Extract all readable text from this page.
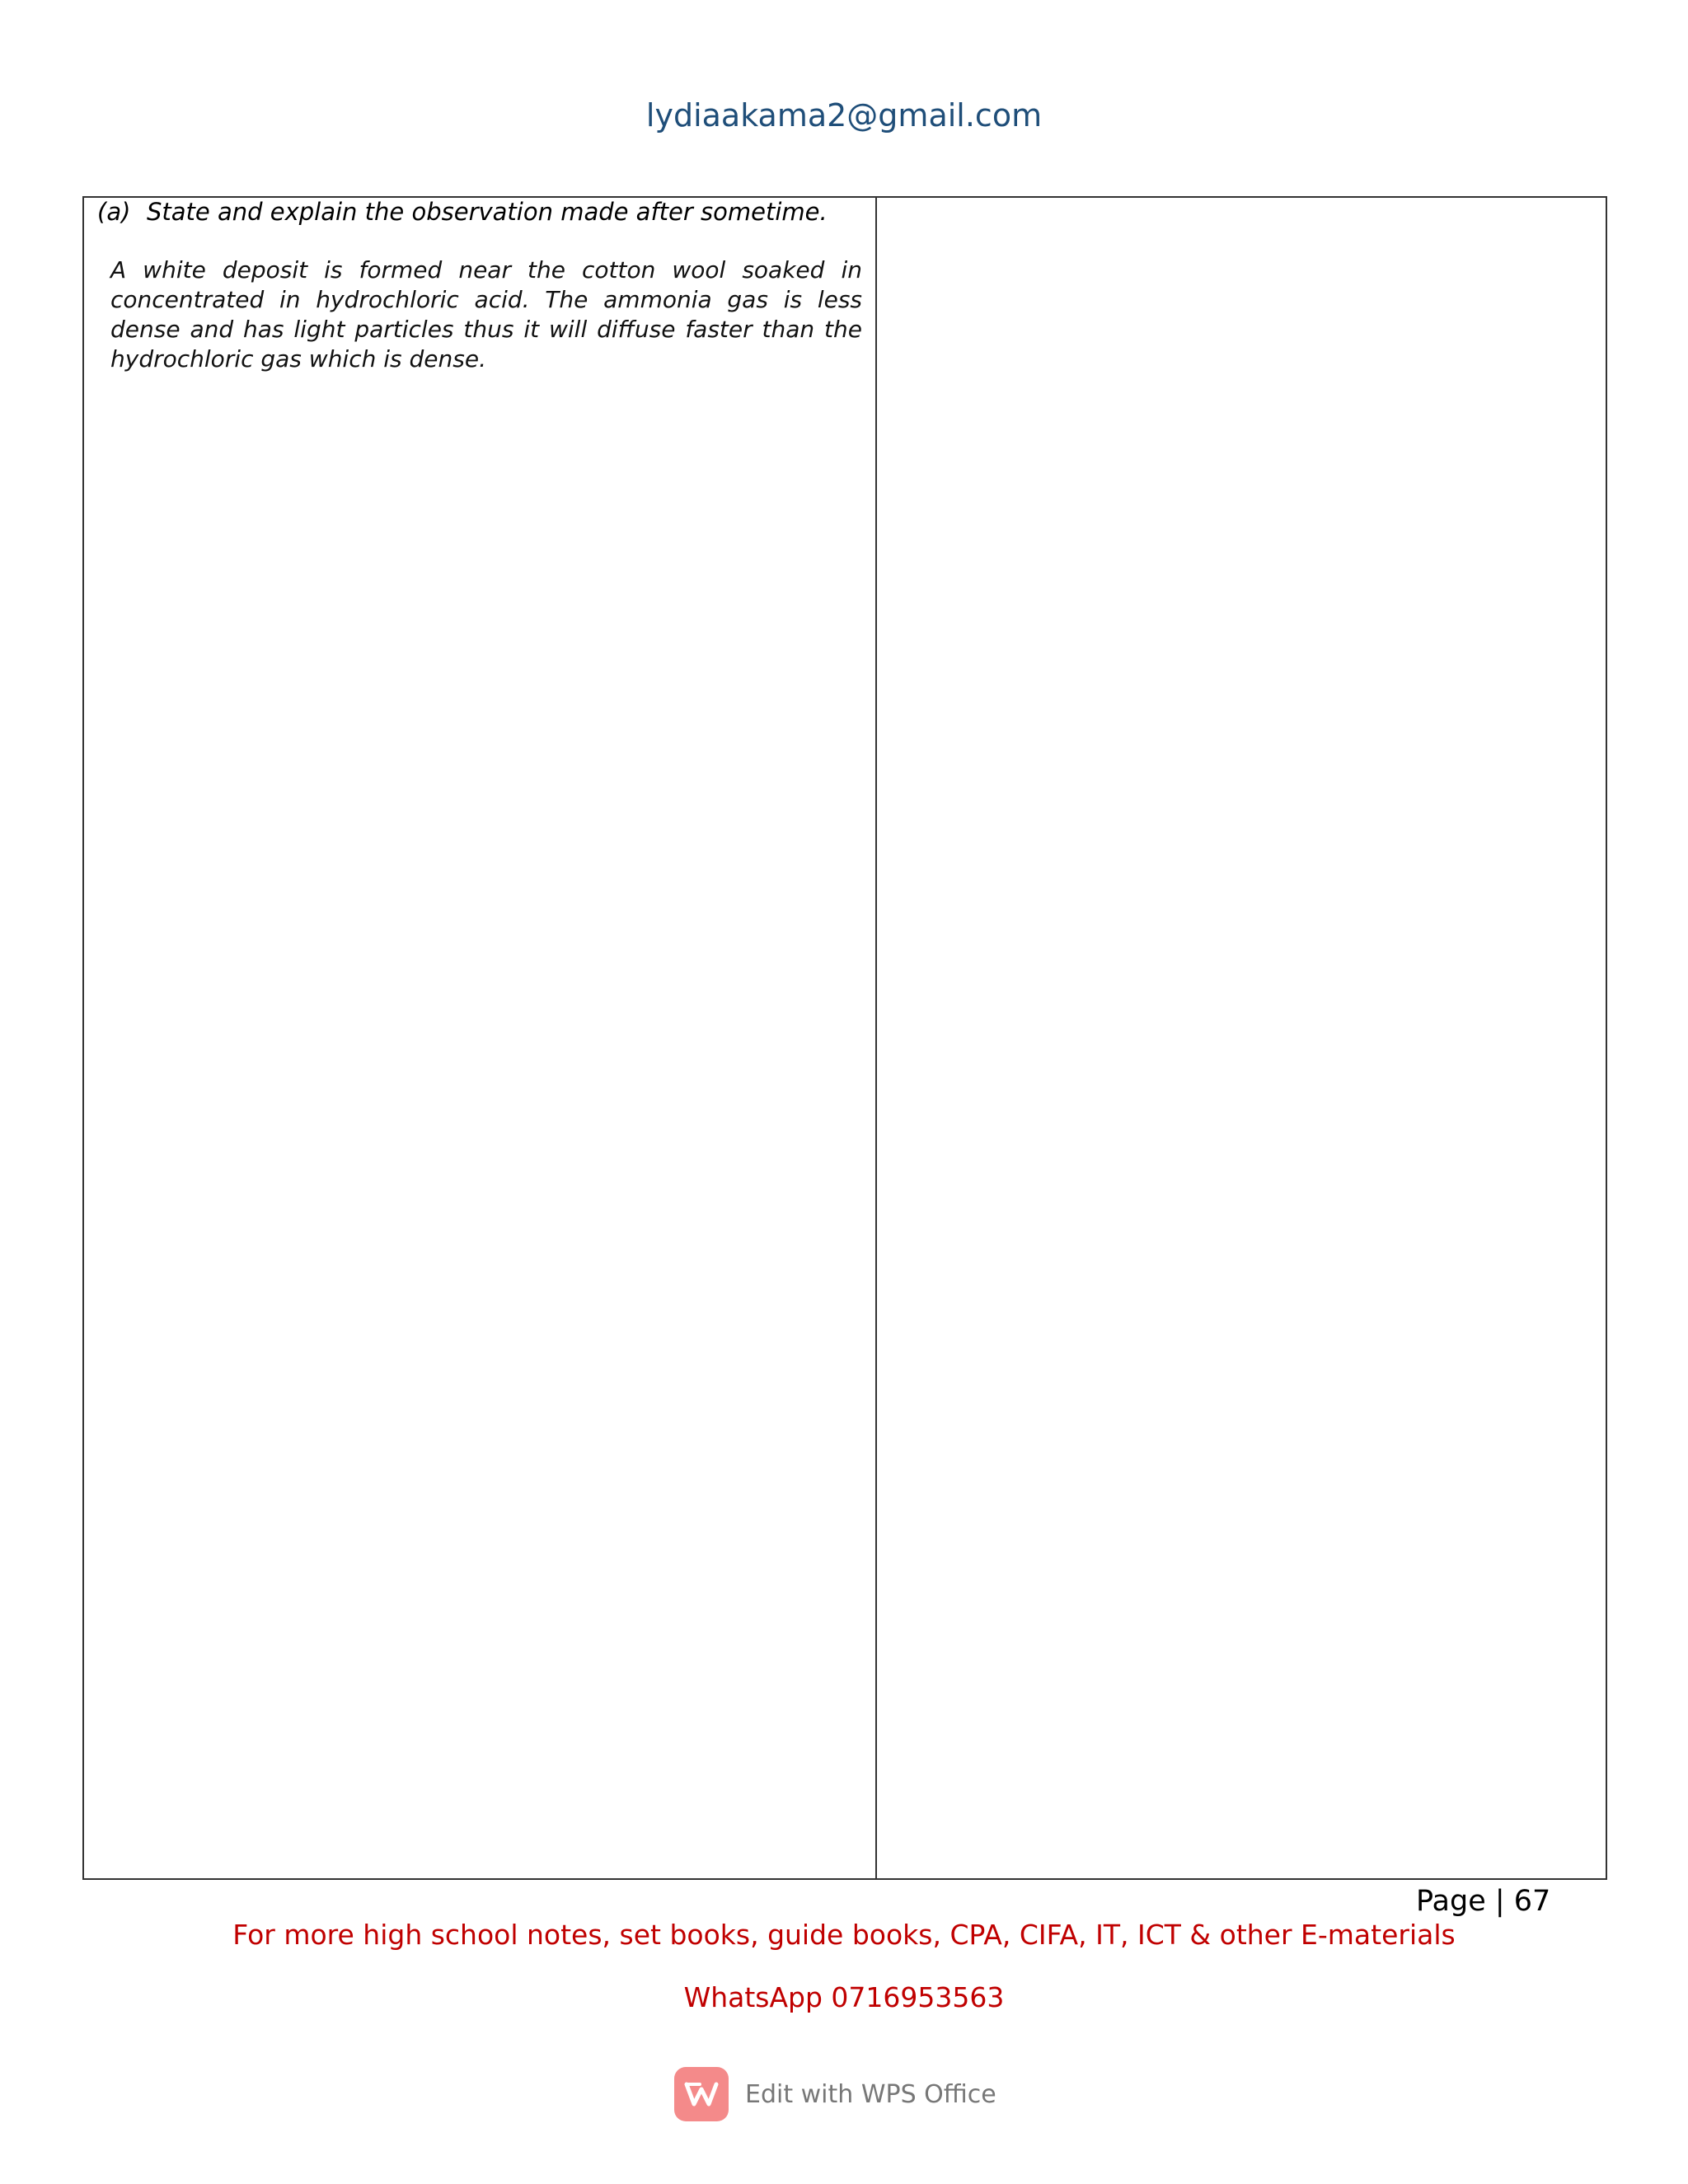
lydiaakama2@gmail.com
(a) State and explain the observation made after sometime.
A white deposit is formed near the cotton wool soaked in concentrated in hydrochloric acid. The ammonia gas is less dense and has light particles thus it will diffuse faster than the hydrochloric gas which is dense.
Page | 67
For more high school notes, set books, guide books, CPA, CIFA, IT, ICT & other E-materials
WhatsApp 0716953563
Edit with WPS Office
